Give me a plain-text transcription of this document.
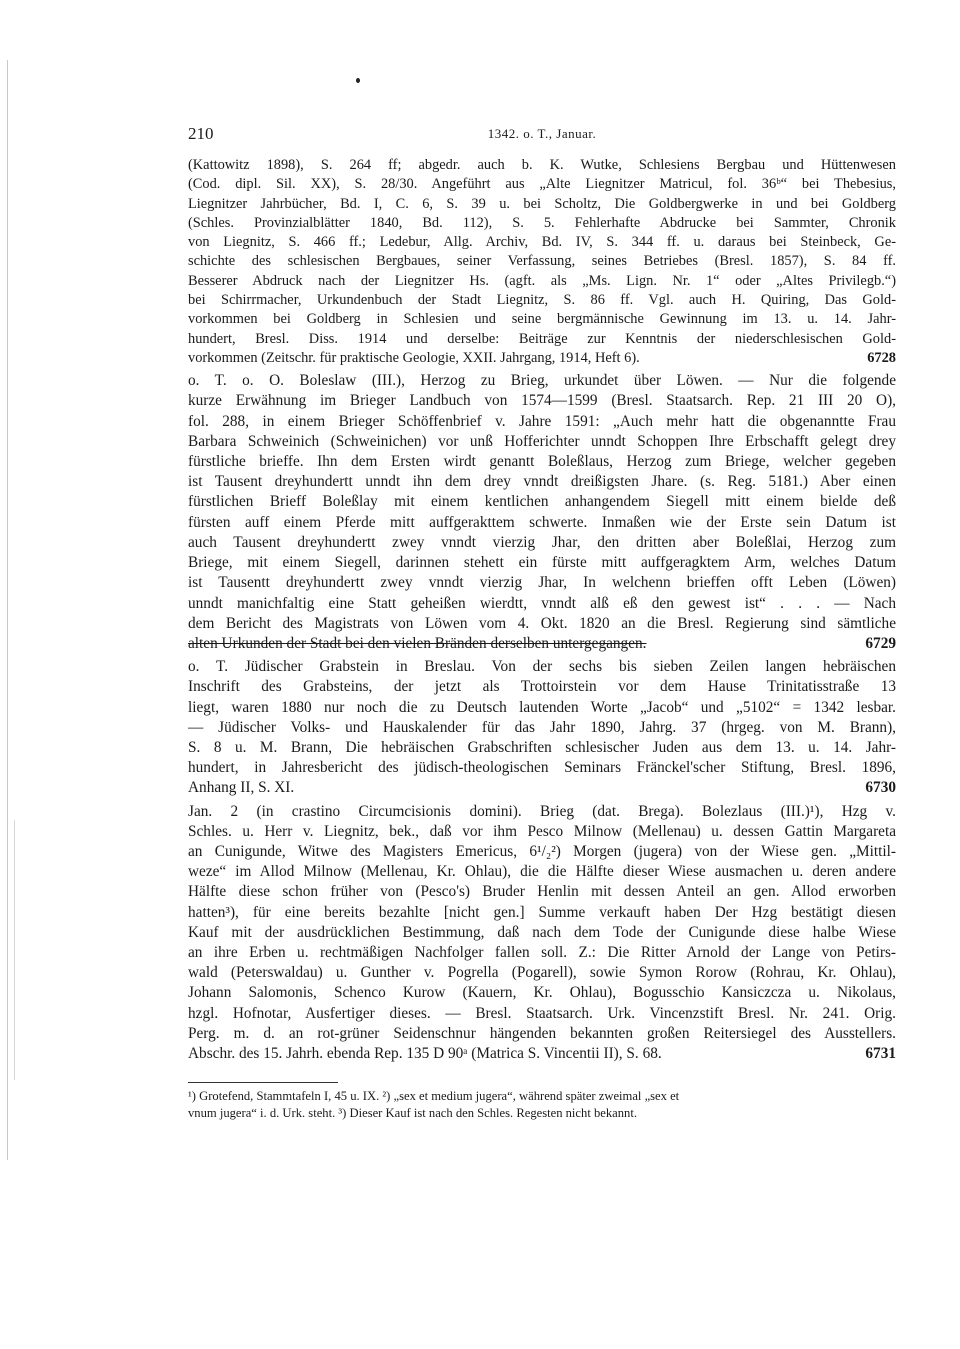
210	1342. o. T., Januar.

(Kattowitz 1898), S. 264 ff; abgedr. auch b. K. Wutke, Schlesiens Bergbau und Hüttenwesen

(Cod. dipl. Sil. XX), S. 28/30. Angeführt aus „Alte Liegnitzer Matricul, fol. 36ᵇ“ bei Thebesius,

Liegnitzer Jahrbücher, Bd. I, C. 6, S. 39 u. bei Scholtz, Die Goldbergwerke in und bei Goldberg

(Schles. Provinzialblätter 1840, Bd. 112), S. 5. Fehlerhafte Abdrucke bei Sammter, Chronik

von Liegnitz, S. 466 ff.; Ledebur, Allg. Archiv, Bd. IV, S. 344 ff. u. daraus bei Steinbeck, Ge-

schichte des schlesischen Bergbaues, seiner Verfassung, seines Betriebes (Bresl. 1857), S. 84 ff.

Besserer Abdruck nach der Liegnitzer Hs. (agft. als „Ms. Lign. Nr. 1“ oder „Altes Privilegb.“)

bei Schirrmacher, Urkundenbuch der Stadt Liegnitz, S. 86 ff. Vgl. auch H. Quiring, Das Gold-

vorkommen bei Goldberg in Schlesien und seine bergmännische Gewinnung im 13. u. 14. Jahr-

hundert, Bresl. Diss. 1914 und derselbe: Beiträge zur Kenntnis der niederschlesischen Gold-

6728
vorkommen (Zeitschr. für praktische Geologie, XXII. Jahrgang, 1914, Heft 6).

o. T. o. O. Boleslaw (III.), Herzog zu Brieg, urkundet über Löwen. — Nur die folgende

kurze Erwähnung im Brieger Landbuch von 1574—1599 (Bresl. Staatsarch. Rep. 21 III 20 O),

fol. 288, in einem Brieger Schöffenbrief v. Jahre 1591: „Auch mehr hatt die obgenanntte Frau

Barbara Schweinich (Schweinichen) vor unß Hofferichter unndt Schoppen Ihre Erbschafft gelegt drey

fürstliche brieffe. Ihn dem Ersten wirdt genantt Boleßlaus, Herzog zum Briege, welcher gegeben

ist Tausent dreyhundertt unndt ihn dem drey vnndt dreißigsten Jhare. (s. Reg. 5181.) Aber einen

fürstlichen Brieff Boleßlay mit einem kentlichen anhangendem Siegell mitt einem bielde deß

fürsten auff einem Pferde mitt auffgerakttem schwerte. Inmaßen wie der Erste sein Datum ist

auch Tausent dreyhundertt zwey vnndt vierzig Jhar, den dritten aber Boleßlai, Herzog zum

Briege, mit einem Siegell, darinnen stehett ein fürste mitt auffgeragktem Arm, welches Datum

ist Tausentt dreyhundertt zwey vnndt vierzig Jhar, In welchenn brieffen offt Leben (Löwen)

unndt manichfaltig eine Statt geheißen wierdtt, vnndt alß eß den gewest ist“ . . . — Nach

dem Bericht des Magistrats von Löwen vom 4. Okt. 1820 an die Bresl. Regierung sind sämtliche

6729
alten Urkunden der Stadt bei den vielen Bränden derselben untergegangen.

o. T. Jüdischer Grabstein in Breslau. Von der sechs bis sieben Zeilen langen hebräischen

Inschrift des Grabsteins, der jetzt als Trottoirstein vor dem Hause Trinitatisstraße 13

liegt, waren 1880 nur noch die zu Deutsch lautenden Worte „Jacob“ und „5102“ = 1342 lesbar.

— Jüdischer Volks- und Hauskalender für das Jahr 1890, Jahrg. 37 (hrgeg. von M. Brann),

S. 8 u. M. Brann, Die hebräischen Grabschriften schlesischer Juden aus dem 13. u. 14. Jahr-

hundert, in Jahresbericht des jüdisch-theologischen Seminars Fränckel'scher Stiftung, Bresl. 1896,

6730
Anhang II, S. XI.

Jan. 2 (in crastino Circumcisionis domini). Brieg (dat. Brega). Bolezlaus (III.)¹), Hzg v.

Schles. u. Herr v. Liegnitz, bek., daß vor ihm Pesco Milnow (Mellenau) u. dessen Gattin Margareta

an Cunigunde, Witwe des Magisters Emericus, 6¹/₂²) Morgen (jugera) von der Wiese gen. „Mittil-

weze“ im Allod Milnow (Mellenau, Kr. Ohlau), die die Hälfte dieser Wiese ausmachen u. deren andere

Hälfte diese schon früher von (Pesco's) Bruder Henlin mit dessen Anteil an gen. Allod erworben

hatten³), für eine bereits bezahlte [nicht gen.] Summe verkauft haben Der Hzg bestätigt diesen

Kauf mit der ausdrücklichen Bestimmung, daß nach dem Tode der Cunigunde diese halbe Wiese

an ihre Erben u. rechtmäßigen Nachfolger fallen soll. Z.: Die Ritter Arnold der Lange von Petirs-

wald (Peterswaldau) u. Gunther v. Pogrella (Pogarell), sowie Symon Rorow (Rohrau, Kr. Ohlau),

Johann Salomonis, Schenco Kurow (Kauern, Kr. Ohlau), Bogusschio Kansiczcza u. Nikolaus,

hzgl. Hofnotar, Ausfertiger dieses. — Bresl. Staatsarch. Urk. Vincenzstift Bresl. Nr. 241. Orig.

Perg. m. d. an rot-grüner Seidenschnur hängenden bekannten großen Reitersiegel des Ausstellers.

6731
Abschr. des 15. Jahrh. ebenda Rep. 135 D 90ᵃ (Matrica S. Vincentii II), S. 68.

¹) Grotefend, Stammtafeln I, 45 u. IX. ²) „sex et medium jugera“, während später zweimal „sex et

vnum jugera“ i. d. Urk. steht. ³) Dieser Kauf ist nach den Schles. Regesten nicht bekannt.
